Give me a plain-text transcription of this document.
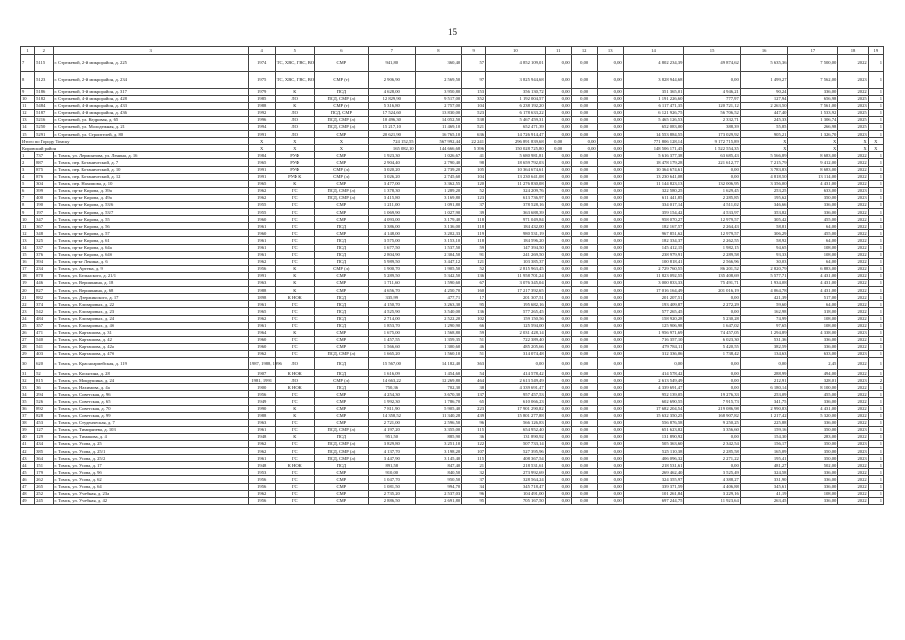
15
1	2	3	4	5	6	7	8	9	10	11	12	13	14	15	16	17	18	19
7	5115	г. Стрежевой, 2-й микрорайон, д. 225	1974	ТС, ХВС, ГВС, ВО	СМР	941,80	360,40	57	4 852 109,01	0,00	0,00	0,00	4 802 234,39	49 874,62	5 635,36	7 500,00	2022	1
8	5123	г. Стрежевой, 2-й микрорайон, д. 234	1975	ТС, ХВС, ГВС, ВО	СМР (т)	2 906,90	2 569,50	97	3 825 944,68	0,00	0,00	0,00	3 828 944,68	0,00	1 499,27	7 562,00	2023	1
9	5186	г. Стрежевой, 3-й микрорайон, д. 317	1979	К	ПСД	4 628,00	3 950,80	153	356 130,72	0,00	0,00	0,00	351 365,01	4 946,21	90,24	336,00	2022	1
10	5182	г. Стрежевой, 4-й микрорайон, д. 428	1985	ЛО	ПСД, СМР (л)	12 829,90	9 517,00	352	1 192 004,57	0,00	0,00	0,00	1 191 226,60	777,97	127,94	656,98	2025	1
11	5484	г. Стрежевой, 4-й микрорайон, д. 433	1988	К	СМР (т)	5 316,80	2 757,00	104	6 238 192,20	0,00	0,00	0,00	6 117 471,35	120 721,12	2 263,50	7 561,00	2023	1
12	5187	г. Стрежевой, 4-й микрорайон, д. 436	1992	ЛО	ПСД, СМР	17 524,60	13 830,00	523	6 178 633,22	0,00	0,00	0,00	6 121 926,75	56 706,52	447,40	1 533,92	2025	1
13	5216	г. Стрежевой, ул. Кедровая, д. 65	1996	ЛО	ПСД, СМР (л)	10 496,30	14 052,50	538	5 467 459,31	0,00	0,00	0,00	5 465 126,53	2 332,71	245,33	1 306,74	2025	1
14	5250	г. Стрежевой, ул. Молодежная, д. 21	1994	ЛО	ПСД, СМР (л)	15 217,10	11 469,10	521	652 471,39	0,00	0,00	0,00	652 083,00	388,39	55,85	266,98	2025	1
15	5291	г. Стрежевой, ул. Строителей, д. 80	1991	ЛО	СМР	20 621,90	16 765,10	636	14 726 914,47	0,00	0,00	0,00	14 553 884,55	173 029,92	905,21	1 326,70	2023	1
Итого по Городу Томску			X	X	X	724 152,55	567 992,44	22 241	296 891 839,68	0,00	0,00	0,00	771 806 128,14	9 172 715,89	X	X	X	X
Кировский район			X	X	X	165 082,10	144 666,68	5 396	150 028 725,80	0,00	0,00	0,00	148 506 171,45	1 522 554,35	X	X	X	X
1	737	г. Томск, ул. Лермонтова, ул. Ленина, д. 16	1984	РУФ	СМР	1 923,30	1 026,67	41	5 680 981,81	0,00	0,00	0,00	5 616 377,38	63 685,43	5 566,89	8 683,00	2022	1
2	887	г. Томск, пер. Ботанический, д. 7	1965	РУФ	СМР	2 904,40	2 790,40	98	18 659 792,03	0,00	0,00	0,00	18 478 179,28	221 612,77	7 215,79	9 412,00	2022	1
3	875	г. Томск, пер. Ботанический, д. 10	1991	РУФ	СМР (л)	3 020,20	2 739,20	105	10 364 674,61	0,00	0,00	0,00	10 364 674,61	0,00	3 783,83	8 683,00	2022	1
4	876	г. Томск, пер. Ботанический, д. 12	1991	РУФ К	СМР (л)	3 026,20	2 745,60	104	13 230 641,08	0,00	0,00	0,00	13 230 641,08	0,00	4 818,50	13 114,00	2022	1
5	304	г. Томск, пер. Нахимова, д. 10	1965	К	СМР	3 477,00	3 362,55	120	11 276 830,08	0,00	0,00	0,00	11 144 823,13	132 006,95	3 356,00	4 431,00	2022	1
6	399	г. Томск, пр-кт Кирова, д. 39а	1962	ГС	ПСД, СМР (л)	1 378,30	1 289,20	52	324 209,76	0,00	0,00	0,00	322 580,25	1 629,45	253,25	633,00	2023	1
7	400	г. Томск, пр-кт Кирова, д. 49а	1962	ГС	ПСД, СМР (л)	3 415,80	3 169,80	123	613 736,97	0,00	0,00	0,00	611 441,85	2 285,85	195,62	350,00	2023	1
8	190	г. Томск, пр-кт Кирова, д. 53/6	1955	ГС	СМР	1 211,00	1 091,80	37	378 528,16	0,00	0,00	0,00	334 017,14	4 511,02	346,66	336,00	2022	1
9	197	г. Томск, пр-кт Кирова, д. 53/7	1955	ГС	СМР	1 069,90	1 027,90	39	363 688,39	0,00	0,00	0,00	359 154,42	4 533,97	353,82	336,00	2022	1
10	347	г. Томск, пр-кт Кирова, д. 55	1960	ГС	СМР	4 093,00	3 179,40	118	971 049,84	0,00	0,00	0,00	958 070,27	12 979,57	305,42	455,00	2022	1
11	367	г. Томск, пр-кт Кирова, д. 56	1961	ГС	ПСД	3 386,00	3 136,00	118	184 432,00	0,00	0,00	0,00	182 167,57	2 264,43	58,81	64,00	2022	1
12	348	г. Томск, пр-кт Кирова, д. 57	1960	ГС	СМР	4 148,00	3 202,33	119	980 531,19	0,00	0,00	0,00	967 851,62	12 979,57	306,29	455,00	2022	1
13	325	г. Томск, пр-кт Кирова, д. 61	1961	ГС	ПСД	3 575,00	3 153,10	118	184 596,20	0,00	0,00	0,00	182 334,37	2 262,55	58,92	64,00	2022	1
14	337	г. Томск, пр-кт Кирова, д. 64а	1961	ГС	ПСД	1 677,50	1 537,50	59	147 394,50	0,00	0,00	0,00	145 412,15	1 982,15	94,65	108,00	2022	1
15	376	г. Томск, пр-кт Кирова, д. 64б	1961	ГС	ПСД	2 804,90	2 304,50	91	241 269,50	0,00	0,00	0,00	238 979,91	2 289,58	93,33	108,00	2022	1
16	394	г. Томск, пр-кт Ленина, д. 6	1962	ГС	ПСД	5 989,50	3 447,12	121	103 385,37	0,00	0,00	0,00	100 818,41	2 566,96	30,03	64,00	2022	1
17	234	г. Томск, ул. Артема, д. 9	1956	К	СМР (л)	1 900,70	1 905,50	52	2 815 963,45	0,00	0,00	0,00	2 729 760,55	86 201,52	2 820,79	6 883,00	2022	1
18	870	г. Томск, ул. Бельнского, д. 21/1	1991	К	СМР	5 289,50	5 342,50	136	11 958 701,24	0,00	0,00	0,00	11 823 092,55	135 408,69	5 577,71	4 431,00	2022	1
19	446	г. Томск, ул. Вершинина, д. 18	1963	К	СМР	1 711,60	1 590,60	67	3 076 345,04	0,00	0,00	0,00	3 000 833,33	75 491,71	1 934,08	4 431,00	2022	1
20	827	г. Томск, ул. Вершинина, д. 68	1988	К	СМР	4 656,70	4 250,70	160	17 217 392,65	0,00	0,00	0,00	17 016 164,49	201 016,19	4 064,78	4 431,00	2022	1
21	882	г. Томск, ул. Дзержинского, д. 17	1898	К НОК	ПСД	335,99	477,71	17	201 307,51	0,00	0,00	0,00	201 207,51	0,00	421,39	517,00	2022	1
22	374	г. Томск, ул. Елизаровых, д. 22	1961	ГС	ПСД	4 150,70	3 263,30	95	195 682,16	0,00	0,00	0,00	193 409,87	2 272,29	59,60	64,00	2022	1
23	542	г. Томск, ул. Елизаровых, д. 23	1965	ГС	ПСД	4 525,90	3 540,00	136	577 265,45	0,00	0,00	0,00	577 265,45	0,00	162,98	318,00	2022	1
24	484	г. Томск, ул. Елизаровых, д. 24	1962	ГС	ПСД	2 714,00	2 522,20	102	159 150,56	0,00	0,00	0,00	158 920,28	5 230,28	74,99	108,00	2022	1
25	357	г. Томск, ул. Елизаровых, д. 4б	1961	ГС	ПСД	1 853,70	1 290,90	66	125 594,00	0,00	0,00	0,00	125 906,98	1 647,02	97,65	108,00	2022	1
26	471	г. Томск, ул. Карташова, д. 31	1964	К	СМР	1 675,00	1 568,80	59	2 031 428,14	0,00	0,00	0,00	1 956 971,69	74 457,05	1 294,89	4 338,00	2023	1
27	540	г. Томск, ул. Карташова, д. 42	1960	ГС	СМР	1 457,55	1 359,35	51	722 389,40	0,00	0,00	0,00	716 357,10	6 023,30	531,36	336,00	2022	1
28	541	г. Томск, ул. Карташова, д. 42а	1960	ГС	СМР	1 566,60	1 300,60	46	485 205,66	0,00	0,00	0,00	479 784,11	5 420,55	382,59	336,00	2022	1
29	403	г. Томск, ул. Карташова, д. 47б	1962	ГС	ПСД, СМР (л)	1 665,20	1 560,10	51	314 074,48	0,00	0,00	0,00	312 336,06	1 738,42	134,63	633,00	2023	1
30	620	г. Томск, ул. Красноармейская, д. 119	1987, 1988, 1996	ЛО	ПСД	15 567,00	14 182,40	363	0,00	0,00	0,00	0,00	0,00	0,00	0,00	2,45	2022	1
31	52	г. Томск, ул. Косыгина, д. 28	1907	К НОК	ПСД	1 616,09	1 454,60	54	414 578,42	0,00	0,00	0,00	414 578,42	0,00	288,99	494,00	2022	1
32	815	г. Томск, ул. Мокрушина, д. 24	1981, 1991	ЛО	СМР (л)	14 663,22	12 269,80	464	2 613 549,49	0,00	0,00	0,00	2 613 549,49	0,00	212,91	328,01	2023	2
33	36	г. Томск, ул. Нахимова, д. 4а	1900	К НОК	ПСД	750,36	702,30	38	4 339 691,47	0,00	0,00	0,00	4 339 691,47	0,00	6 180,14	8 100,00	2022	1
34	294	г. Томск, ул. Советская, д. 96	1956	ГС	СМР	4 254,30	3 670,30	137	957 457,53	0,00	0,00	0,00	952 139,05	19 276,33	253,09	455,00	2022	1
35	526	г. Томск, ул. Советская, д. 65	1949	ГС	СМР	1 992,30	1 786,70	65	610 066,23	0,00	0,00	0,00	602 690,55	7 915,73	341,75	336,00	2022	1
36	892	г. Томск, ул. Советская, д. 70	1990	К	СМР	7 811,90	5 905,40	223	17 901 290,82	0,00	0,00	0,00	17 682 204,54	219 086,98	2 990,83	4 431,00	2022	1
37	828	г. Томск, ул. Советская, д. 99	1988	К	СМР	14 358,52	11 340,28	439	15 801 277,88	0,00	0,00	0,00	15 632 350,25	168 907,82	1 217,42	5 320,00	2022	1
38	453	г. Томск, ул. Студенческая, д. 7	1963	ГС	СМР	2 721,00	2 596,50	96	566 126,83	0,00	0,00	0,00	556 876,58	9 250,25	225,88	336,00	2022	1
39	127	г. Томск, ул. Тимирязева, д. 103	1961	ГС	ПСД, СМР (л)	4 197,20	3 355,00	115	654 952,40	0,00	0,00	0,00	651 623,82	3 356,60	159,16	350,00	2023	1
40	129	г. Томск, ул. Тимакова, д. 4	1948	К	ПСД	951,50	885,90	36	131 890,92	0,00	0,00	0,00	131 890,92	0,00	154,30	283,00	2022	1
41	434	г. Томск, ул. Усова, д. 25	1962	ГС	ПСД, СМР (л)	3 829,80	3 251,10	122	507 733,14	0,00	0,00	0,00	505 363,60	2 342,54	156,17	350,00	2023	1
42	385	г. Томск, ул. Усова, д. 25/1	1962	ГС	ПСД, СМР (л)	4 137,70	3 198,20	107	527 395,96	0,00	0,00	0,00	525 110,38	2 285,58	165,09	350,00	2023	1
43	364	г. Томск, ул. Усова, д. 25/2	1961	ГС	ПСД, СМР (л)	3 447,90	3 145,40	115	408 367,54	0,00	0,00	0,00	406 096,32	2 271,22	195,41	350,00	2023	1
44	151	г. Томск, ул. Усова, д. 17	1948	К НОК	ПСД	891,58	847,40	21	218 531,61	0,00	0,00	0,00	218 531,61	0,00	481,27	502,00	2022	1
45	179	г. Томск, ул. Усова, д. 9б	1953	ГС	СМР	910,00	840,50	32	273 992,69	0,00	0,00	0,00	269 462,40	3 525,49	324,58	336,00	2022	1
46	262	г. Томск, ул. Усова, д. 62	1956	ГС	СМР	1 047,70	950,50	37	328 564,24	0,00	0,00	0,00	324 355,97	4 388,27	331,90	336,00	2022	1
47	265	г. Томск, ул. Усова, д. 64	1956	ГС	СМР	1 081,50	994,70	34	345 718,47	0,00	0,00	0,00	339 371,59	4 406,88	345,61	336,00	2022	1
48	252	г. Томск, ул. Учебная, д. 23а	1962	ГС	СМР	2 735,20	2 537,03	96	104 491,00	0,00	0,00	0,00	101 261,84	3 229,16	41,19	108,00	2022	1
49	245	г. Томск, ул. Учебная, д. 42	1956	ГС	СМР	2 886,50	2 691,80	95	705 167,50	0,00	0,00	0,00	697 244,75	11 923,64	263,45	336,00	2022	1
